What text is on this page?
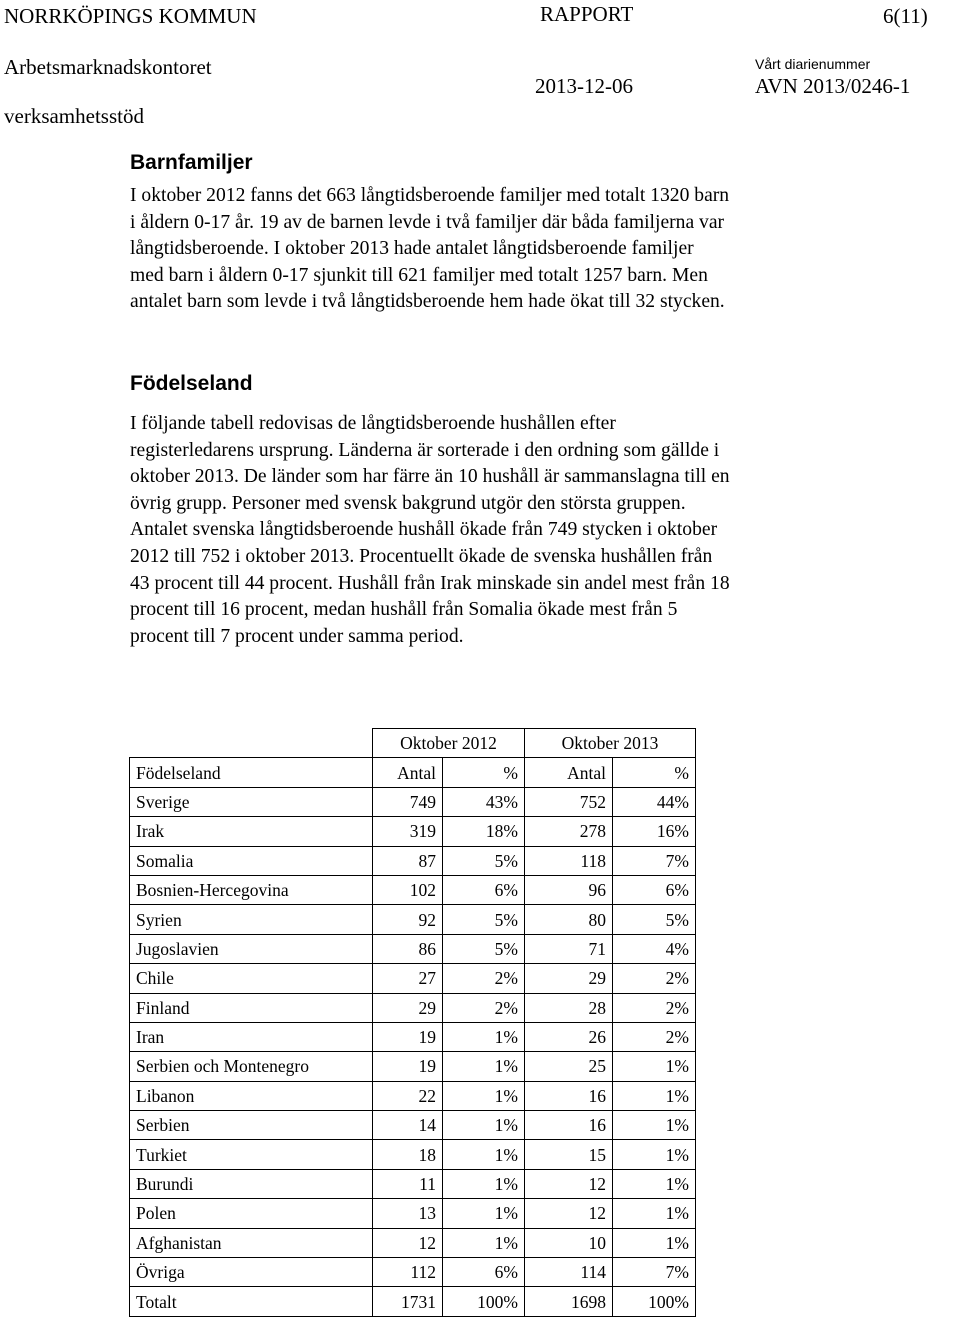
NORRKÖPINGS KOMMUN	RAPPORT	6(11)
Arbetsmarknadskontoret	Vårt diarienummer
2013-12-06	AVN 2013/0246-1
verksamhetsstöd
Barnfamiljer
I oktober 2012 fanns det 663 långtidsberoende familjer med totalt 1320 barn
i åldern 0-17 år. 19 av de barnen levde i två familjer där båda familjerna var
långtidsberoende. I oktober 2013 hade antalet långtidsberoende familjer
med barn i åldern 0-17 sjunkit till 621 familjer med totalt 1257 barn. Men
antalet barn som levde i två långtidsberoende hem hade ökat till 32 stycken.
Födelseland
I följande tabell redovisas de långtidsberoende hushållen efter
registerledarens ursprung. Länderna är sorterade i den ordning som gällde i
oktober 2013. De länder som har färre än 10 hushåll är sammanslagna till en
övrig grupp. Personer med svensk bakgrund utgör den största gruppen.
Antalet svenska långtidsberoende hushåll ökade från 749 stycken i oktober
2012 till 752 i oktober 2013. Procentuellt ökade de svenska hushållen från
43 procent till 44 procent. Hushåll från Irak minskade sin andel mest från 18
procent till 16 procent, medan hushåll från Somalia ökade mest från 5
procent till 7 procent under samma period.
	Oktober 2012		Oktober 2013	
Födelseland	Antal	%	Antal	%
Sverige	749	43%	752	44%
Irak	319	18%	278	16%
Somalia	87	5%	118	7%
Bosnien-Hercegovina	102	6%	96	6%
Syrien	92	5%	80	5%
Jugoslavien	86	5%	71	4%
Chile	27	2%	29	2%
Finland	29	2%	28	2%
Iran	19	1%	26	2%
Serbien och Montenegro	19	1%	25	1%
Libanon	22	1%	16	1%
Serbien	14	1%	16	1%
Turkiet	18	1%	15	1%
Burundi	11	1%	12	1%
Polen	13	1%	12	1%
Afghanistan	12	1%	10	1%
Övriga	112	6%	114	7%
Totalt	1731	100%	1698	100%
